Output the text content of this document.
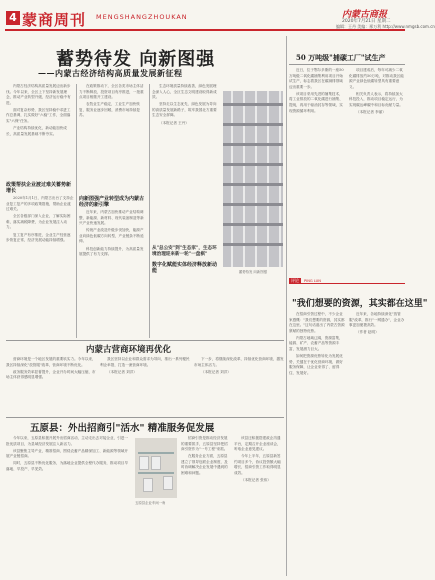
4 蒙商周刊 MENGSHANGZHOUKAN	内蒙古商报
2020年7月21日 星期二
编辑：王丹 美编：邢万利 http://www.nmgsb.com.cn
蓄势待发 向新图强
——内蒙古经济结构高质量发展新征程

内蒙古经济结构高质量发展迈出新步伐。今年以来，全区上下坚持新发展理念，推动产业转型升级，经济运行稳中有进。

面对复杂形势，我区坚持稳中求进工作总基调，扎实做好"六稳"工作，全面落实"六保"任务。

产业结构持续优化，新动能加快成长，高质量发展基础不断夯实。

政策帮扶企业渡过难关蓄势新增长

2020年1月1日，内蒙古出台了支持企业复工复产的多项政策措施，帮助企业渡过难关。

全区各级部门深入企业，了解实际困难，落实减税降费，为企业发展注入动力。

复工复产有序推进，企业生产经营逐步恢复正常，经济发展动能持续增强。

在政策推动下，全区各类市场主体活力不断释放，投资项目有序推进，一批重点项目相继开工建设。

农牧业生产稳定，工业生产加快恢复，服务业逐步回暖，消费市场持续复苏。

向新图强产业转型成为内蒙古经济的新引擎

近年来，内蒙古加快推动产业结构调整，新能源、新材料、现代装备制造等新兴产业快速发展。

传统产业改造升级步伐加快，能源产业向绿色低碳方向转型，产业链条不断延伸。

科技创新能力持续提升，为高质量发展提供了有力支撑。

生态环境质量持续改善，绿色发展理念深入人心，全区生态文明建设取得新成效。

坚持走以生态优先、绿色发展为导向的高质量发展新路子，筑牢我国北方重要生态安全屏障。

（本报记者 王丹）

从"总公安"到"生态家"，生态环境治理迎来新一轮"一盘棋"
数字化赋能实体经济释放新动能	蓄势待发 向新图强
50 万吨级"捕碳工厂"试生产

近日，位于鄂尔多斯的一座50万吨级二氧化碳捕集利用项目开始试生产，标志着我区在碳减排领域迈出重要一步。

该项目采用先进的捕集技术，将工业排放的二氧化碳进行捕集、提纯，再用于驱油封存等领域，实现资源循环利用。

项目建成后，每年可减少二氧化碳排放约50万吨，对推动我区能源产业绿色低碳转型具有重要意义。

相关负责人表示，将持续加大科技投入，推动项目稳定运行，为实现碳达峰碳中和目标贡献力量。

（本报记者 李丽）

评论	PING LUN
"我们想要的资源，其实都在这里"

在招商引资过程中，不少企业家感慨："我们想要的资源，其实都在这里。"这句话道出了内蒙古资源禀赋的独特优势。

内蒙古地域辽阔，资源富集，能源、矿产、农畜产品等资源丰富，发展潜力巨大。

如何把资源优势转化为发展优势，关键在于优化营商环境，做好服务保障，让企业来得了、留得住、发展好。

近年来，各地持续深化"放管服"改革，推行"一网通办"，企业办事更加便捷高效。

（作者 赵明）

内蒙古营商环境再优化

营商环境是一个地区发展的重要软实力。今年以来，我区持续深化"放管服"改革，营商环境不断优化。

政务服务效率显著提升，企业开办时间大幅压缩，市场主体获得感明显增强。

我区坚持以企业和群众需求为导向，推出一系列便民利企举措，打造一流营商环境。

（本报记者 刘洋）

下一步，将继续深化改革，持续优化营商环境，激发市场主体活力。

（本报记者 刘洋）

五原县：外出招商引"活水" 精准服务促发展

今年以来，五原县积极开展外出招商活动，主动走出去对接企业，引进一批优质项目，为县域经济发展注入新活力。

该县聚焦主导产业，精准招商，围绕农畜产品精深加工、新能源等领域开展产业链招商。

同时，五原县不断优化服务，为落地企业提供全程代办服务，推动项目早落地、早投产、早见效。

五原县企业车间一角

招商引资是推动经济发展的重要抓手，五原县坚持把招商引资作为"一号工程"来抓。

在服务企业方面，五原县建立了领导包联企业制度，及时协调解决企业发展中遇到的困难和问题。

该县还积极搭建政企沟通平台，定期召开企业座谈会，听取企业意见建议。

今年上半年，五原县新签约项目多个，协议投资额大幅增长，招商引资工作取得明显成效。

（本报记者 张伟）
